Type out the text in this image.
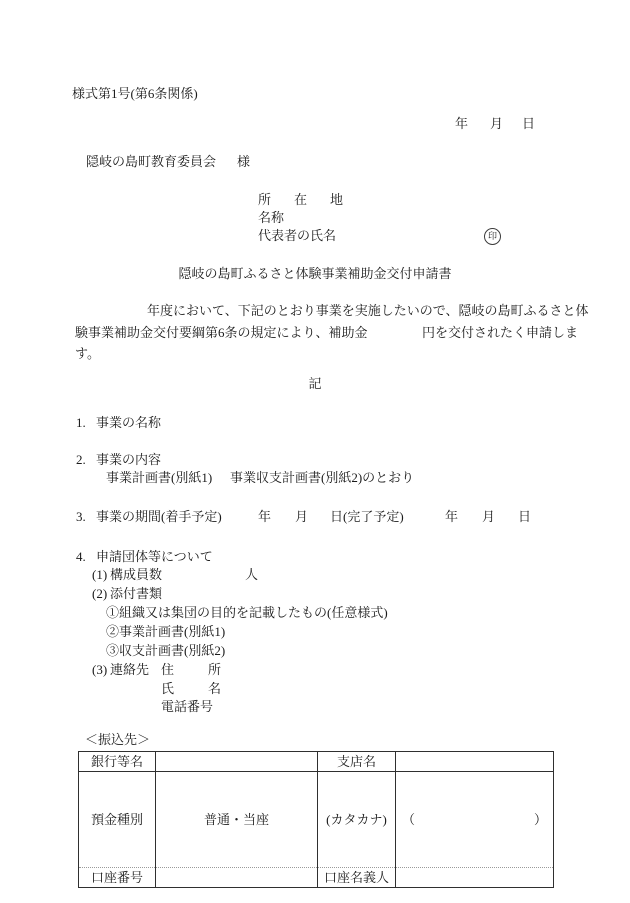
様式第1号(第6条関係)

年

月

日

隠岐の島町教育委員会

様

所 在 地

名称

代表者の氏名

	印

隠岐の島町ふるさと体験事業補助金交付申請書
年度において、下記のとおり事業を実施したいので、隠岐の島町ふるさと体

験事業補助金交付要綱第6条の規定により、補助金

	円を交付されたく申請しま

す。
記

1.

事業の名称

2.

事業の内容

事業計画書(別紙1)

事業収支計画書(別紙2)のとおり

3.

事業の期間(着手予定)

	年

月

日(完了予定)

	年

月

日

4.

申請団体等について

(1)

構成員数

	人

(2)

添付書類

①組織又は集団の目的を記載したもの(任意様式)
②事業計画書(別紙1)
③収支計画書(別紙2)

(3)

連絡先

住

	所

氏

	名

電話番号
＜振込先＞
銀行等名		支店名	
預金種別	普通・当座	(カタカナ)	（ ）

口座番号		口座名義人	
